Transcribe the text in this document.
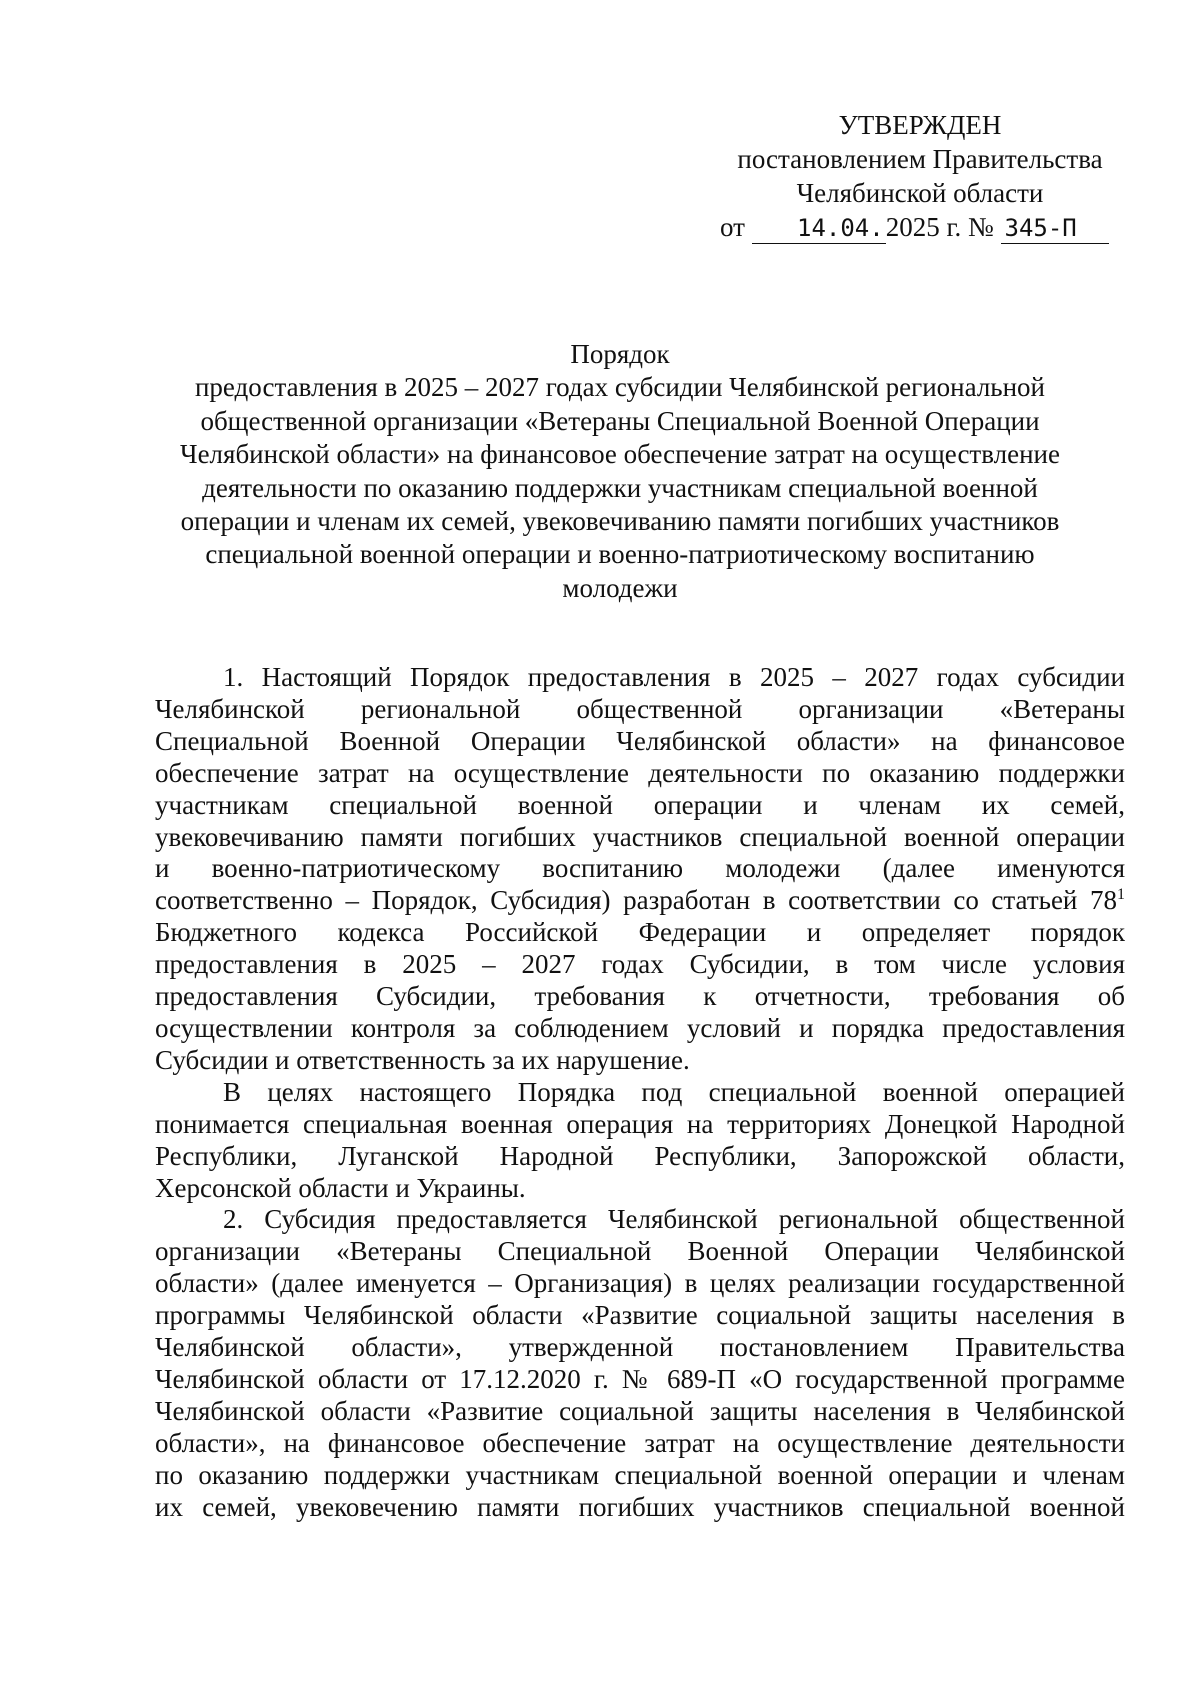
УТВЕРЖДЕН
постановлением Правительства
Челябинской области
от 14.04.2025 г. № 345-П
Порядок
предоставления в 2025 – 2027 годах субсидии Челябинской региональной
общественной организации «Ветераны Специальной Военной Операции
Челябинской области» на финансовое обеспечение затрат на осуществление
деятельности по оказанию поддержки участникам специальной военной
операции и членам их семей, увековечиванию памяти погибших участников
специальной военной операции и военно-патриотическому воспитанию
молодежи
1. Настоящий Порядок предоставления в 2025 – 2027 годах субсидии
Челябинской региональной общественной организации «Ветераны
Специальной Военной Операции Челябинской области» на финансовое
обеспечение затрат на осуществление деятельности по оказанию поддержки
участникам специальной военной операции и членам их семей,
увековечиванию памяти погибших участников специальной военной операции
и военно-патриотическому воспитанию молодежи (далее именуются
соответственно – Порядок, Субсидия) разработан в соответствии со статьей $78^1$
Бюджетного кодекса Российской Федерации и определяет порядок
предоставления в 2025 – 2027 годах Субсидии, в том числе условия
предоставления Субсидии, требования к отчетности, требования об
осуществлении контроля за соблюдением условий и порядка предоставления
Субсидии и ответственность за их нарушение.
В целях настоящего Порядка под специальной военной операцией
понимается специальная военная операция на территориях Донецкой Народной
Республики, Луганской Народной Республики, Запорожской области,
Херсонской области и Украины.
2. Субсидия предоставляется Челябинской региональной общественной
организации «Ветераны Специальной Военной Операции Челябинской
области» (далее именуется – Организация) в целях реализации государственной
программы Челябинской области «Развитие социальной защиты населения в
Челябинской области», утвержденной постановлением Правительства
Челябинской области от 17.12.2020 г. № 689-П «О государственной программе
Челябинской области «Развитие социальной защиты населения в Челябинской
области», на финансовое обеспечение затрат на осуществление деятельности
по оказанию поддержки участникам специальной военной операции и членам
их семей, увековечению памяти погибших участников специальной военной
